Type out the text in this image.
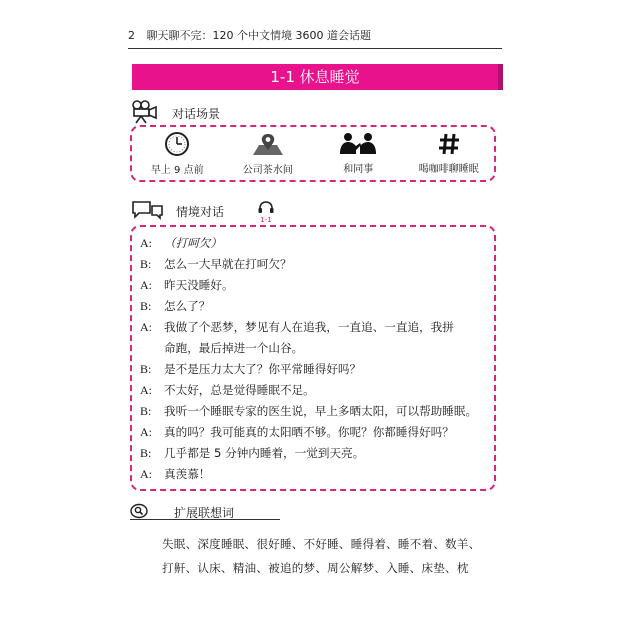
2 聊天聊不完：120 个中文情境 3600 道会话题
1-1 休息睡觉
对话场景
早上 9 点前	公司茶水间	和同事	喝咖啡聊睡眠
情境对话
1-1
A:	（打呵欠）
B:	怎么一大早就在打呵欠？
A:	昨天没睡好。
B:	怎么了？
A:	我做了个恶梦，梦见有人在追我，一直追、一直追，我拼
命跑，最后掉进一个山谷。
B:	是不是压力太大了？你平常睡得好吗？
A:	不太好，总是觉得睡眠不足。
B:	我听一个睡眠专家的医生说，早上多晒太阳，可以帮助睡眠。
A:	真的吗？我可能真的太阳晒不够。你呢？你都睡得好吗？
B:	几乎都是 5 分钟内睡着，一觉到天亮。
A:	真羡慕！
扩展联想词
失眠、深度睡眠、很好睡、不好睡、睡得着、睡不着、数羊、
打鼾、认床、精油、被追的梦、周公解梦、入睡、床垫、枕
